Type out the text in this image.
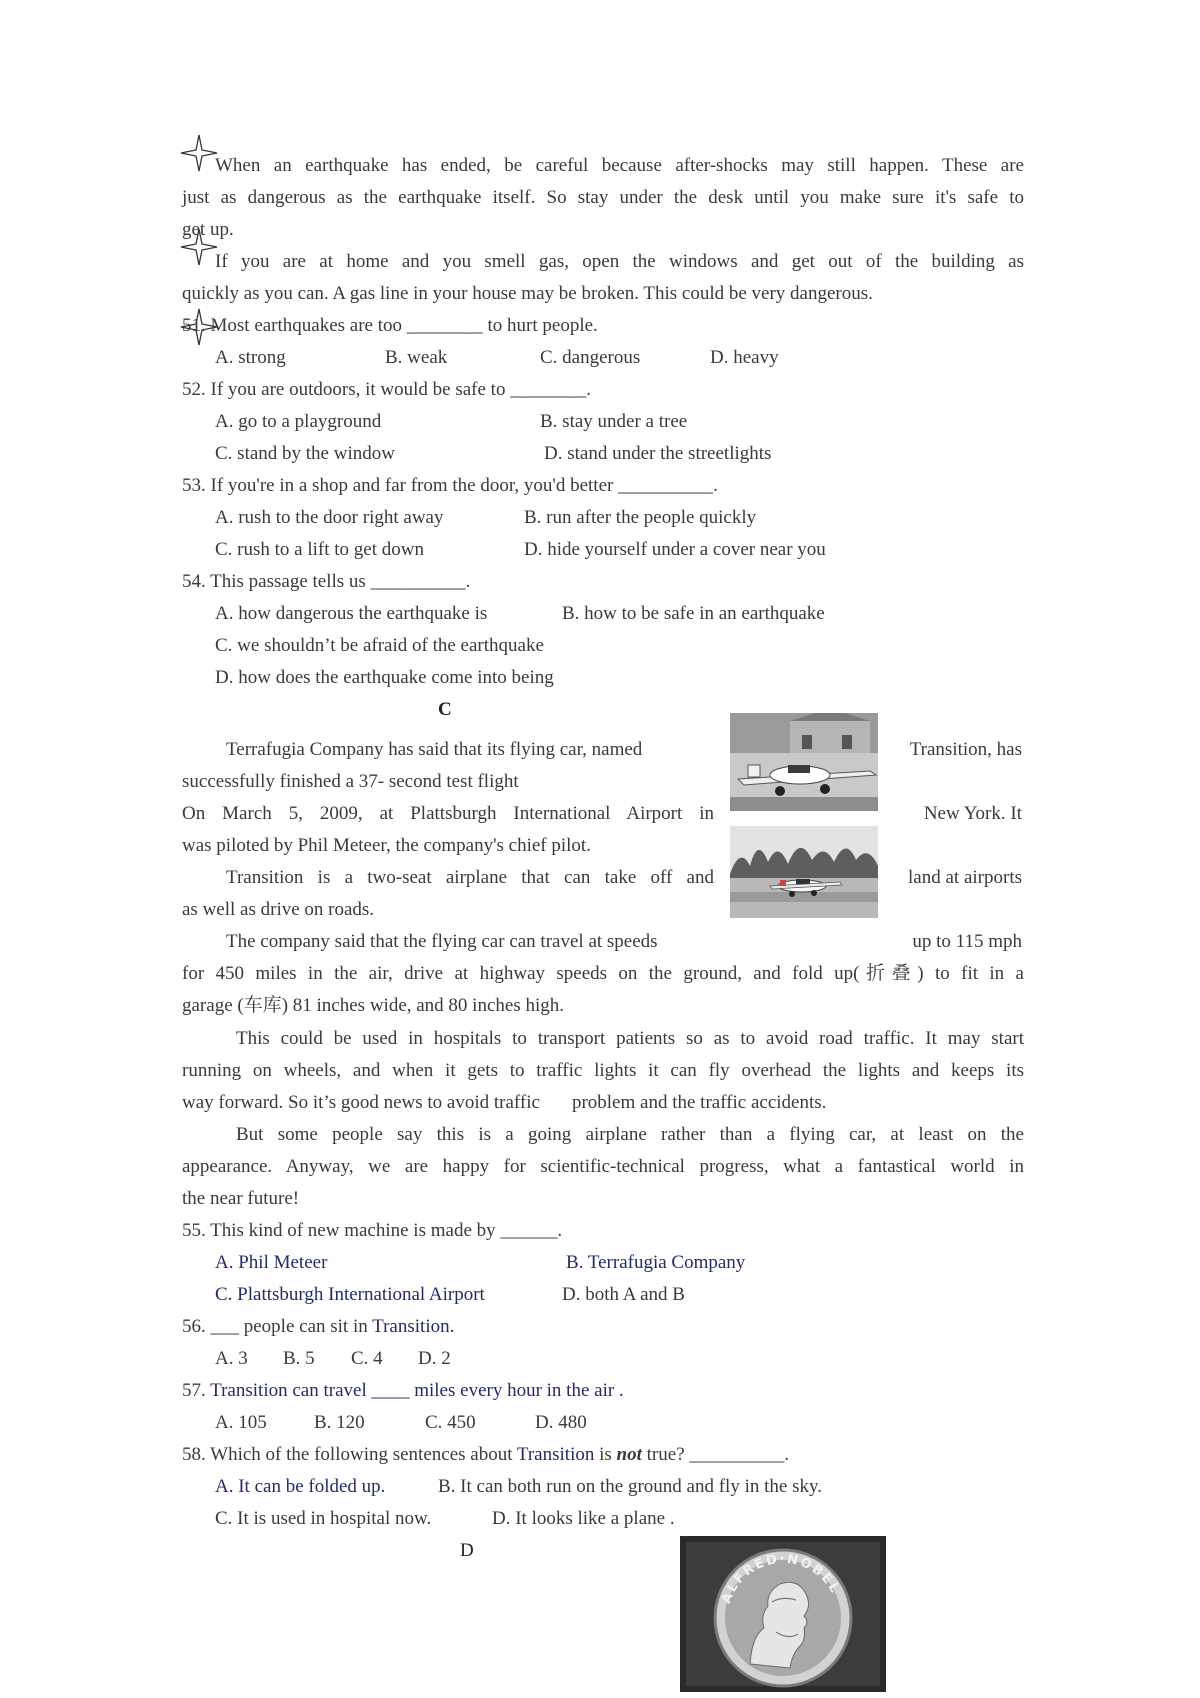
When an earthquake has ended, be careful because after-shocks may still happen. These are
just as dangerous as the earthquake itself. So stay under the desk until you make sure it's safe to
get up.
If you are at home and you smell gas, open the windows and get out of the building as
quickly as you can. A gas line in your house may be broken. This could be very dangerous.
51. Most earthquakes are too ________ to hurt people.
A. strong	B. weak	C. dangerous	D. heavy
52. If you are outdoors, it would be safe to ________.
A. go to a playground	B. stay under a tree
C. stand by the window	D. stand under the streetlights
53. If you're in a shop and far from the door, you'd better __________.
A. rush to the door right away	B. run after the people quickly
C. rush to a lift to get down	D. hide yourself under a cover near you
54. This passage tells us __________.
A. how dangerous the earthquake is	B. how to be safe in an earthquake
C. we shouldn’t be afraid of the earthquake
D. how does the earthquake come into being
C
Terrafugia Company has said that its flying car, named	Transition, has
successfully finished a 37- second test flight
On March 5, 2009, at Plattsburgh International Airport in	New York. It
was piloted by Phil Meteer, the company's chief pilot.
Transition is a two-seat airplane that can take off and	land at airports
as well as drive on roads.
The company said that the flying car can travel at speeds	up to 115 mph
for 450 miles in the air, drive at highway speeds on the ground, and fold up(折叠) to fit in a
garage (车库) 81 inches wide, and 80 inches high.
This could be used in hospitals to transport patients so as to avoid road traffic. It may start
running on wheels, and when it gets to traffic lights it can fly overhead the lights and keeps its
way forward. So it’s good news to avoid traffic problem and the traffic accidents.
But some people say this is a going airplane rather than a flying car, at least on the
appearance. Anyway, we are happy for scientific-technical progress, what a fantastical world in
the near future!
55. This kind of new machine is made by ______.
A. Phil Meteer	B. Terrafugia Company
C. Plattsburgh International Airport	D. both A and B
56. ___ people can sit in Transition.
A. 3 B. 5 C. 4 D. 2
57. Transition can travel ____ miles every hour in the air .
A. 105 B. 120	C. 450	D. 480
58. Which of the following sentences about Transition is not true? __________.
A. It can be folded up.	B. It can both run on the ground and fly in the sky.
C. It is used in hospital now.	D. It looks like a plane .
D
ALFRED·NOBEL
